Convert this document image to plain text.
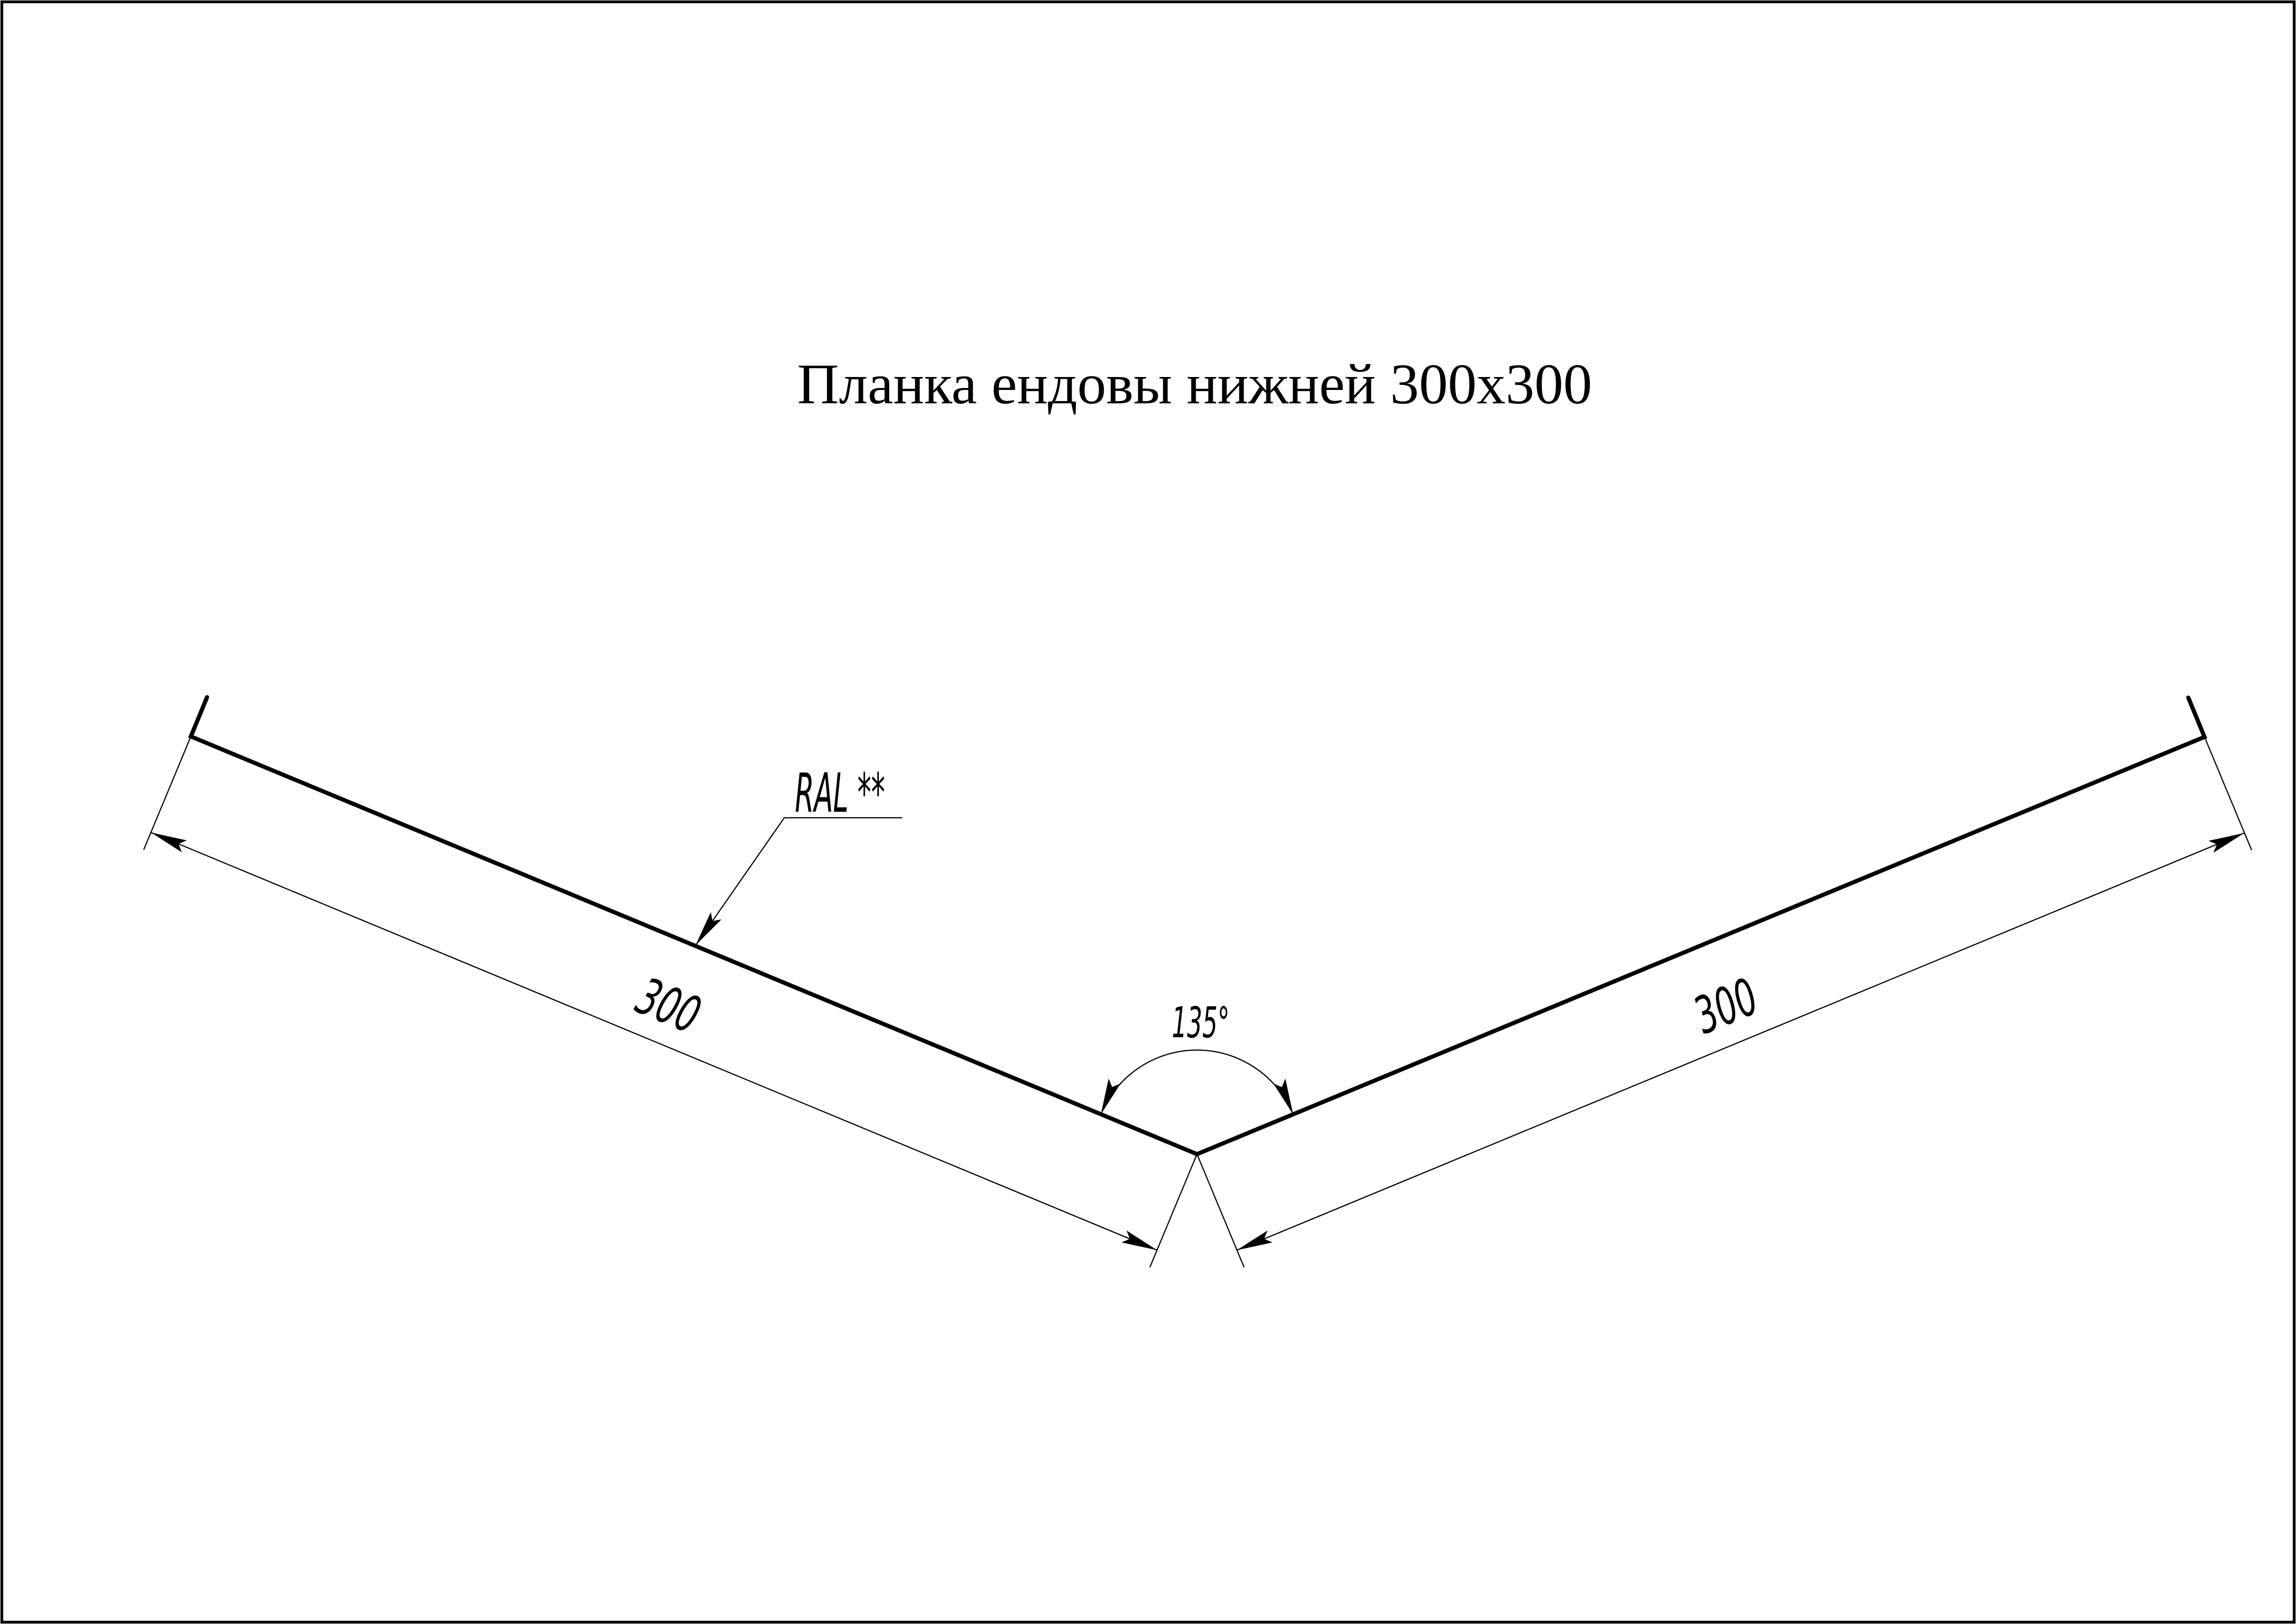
Планка ендовы нижней 300x300
300	300
135°
RAL **
